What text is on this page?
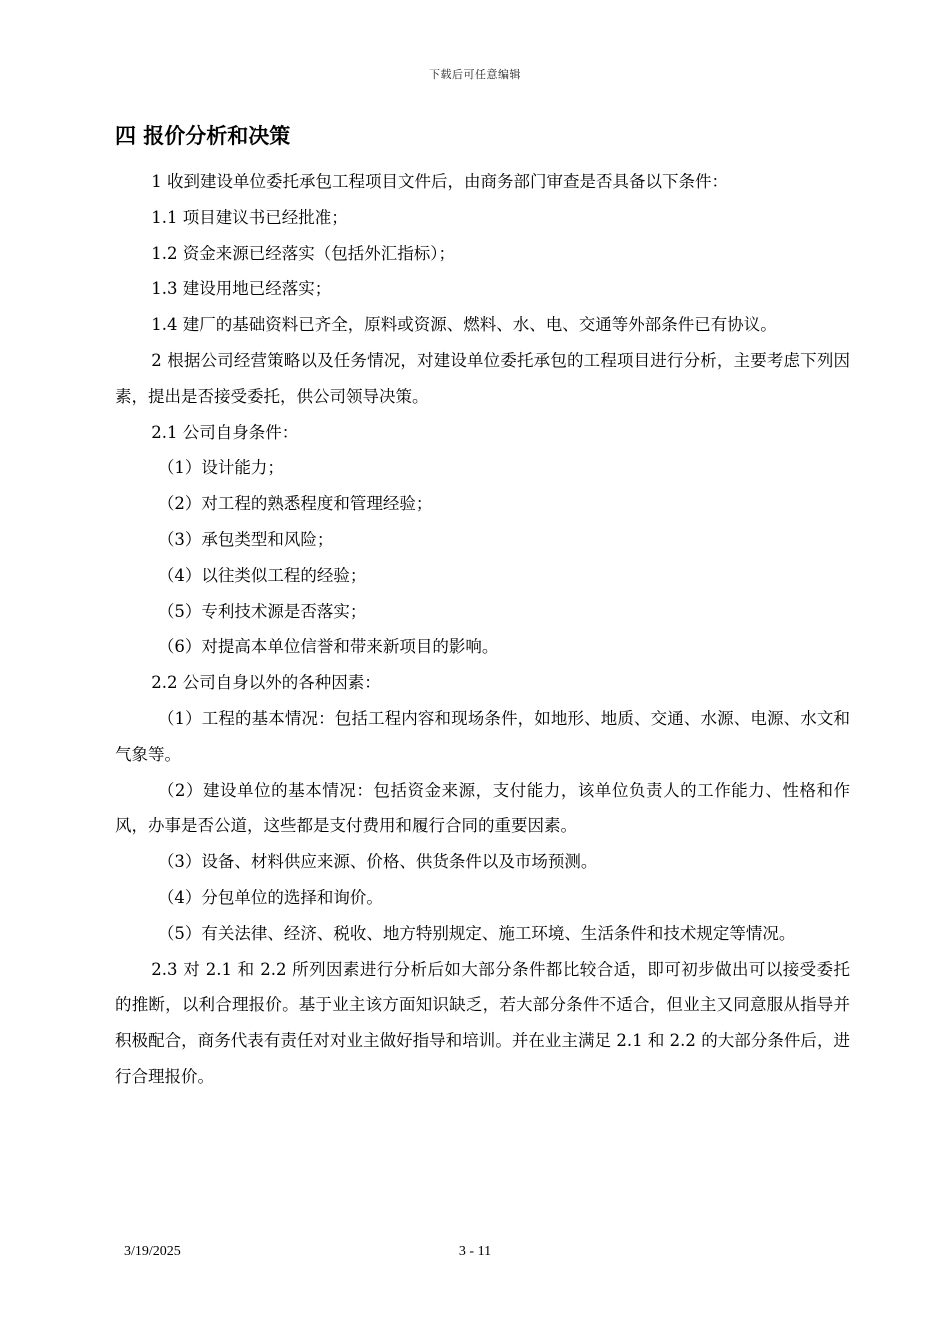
下载后可任意编辑
四 报价分析和决策

1 收到建设单位委托承包工程项目文件后，由商务部门审查是否具备以下条件：

1.1 项目建议书已经批准；

1.2 资金来源已经落实（包括外汇指标）；

1.3 建设用地已经落实；

1.4 建厂的基础资料已齐全，原料或资源、燃料、水、电、交通等外部条件已有协议。

2 根据公司经营策略以及任务情况，对建设单位委托承包的工程项目进行分析，主要考虑下列因素，提出是否接受委托，供公司领导决策。

2.1 公司自身条件：

（1）设计能力；

（2）对工程的熟悉程度和管理经验；

（3）承包类型和风险；

（4）以往类似工程的经验；

（5）专利技术源是否落实；

（6）对提高本单位信誉和带来新项目的影响。

2.2 公司自身以外的各种因素：

（1）工程的基本情况：包括工程内容和现场条件，如地形、地质、交通、水源、电源、水文和气象等。

（2）建设单位的基本情况：包括资金来源，支付能力，该单位负责人的工作能力、性格和作风，办事是否公道，这些都是支付费用和履行合同的重要因素。

（3）设备、材料供应来源、价格、供货条件以及市场预测。

（4）分包单位的选择和询价。

（5）有关法律、经济、税收、地方特别规定、施工环境、生活条件和技术规定等情况。

2.3 对 2.1 和 2.2 所列因素进行分析后如大部分条件都比较合适，即可初步做出可以接受委托的推断，以利合理报价。基于业主该方面知识缺乏，若大部分条件不适合，但业主又同意服从指导并积极配合，商务代表有责任对对业主做好指导和培训。并在业主满足 2.1 和 2.2 的大部分条件后，进行合理报价。

3/19/2025	3 - 11
